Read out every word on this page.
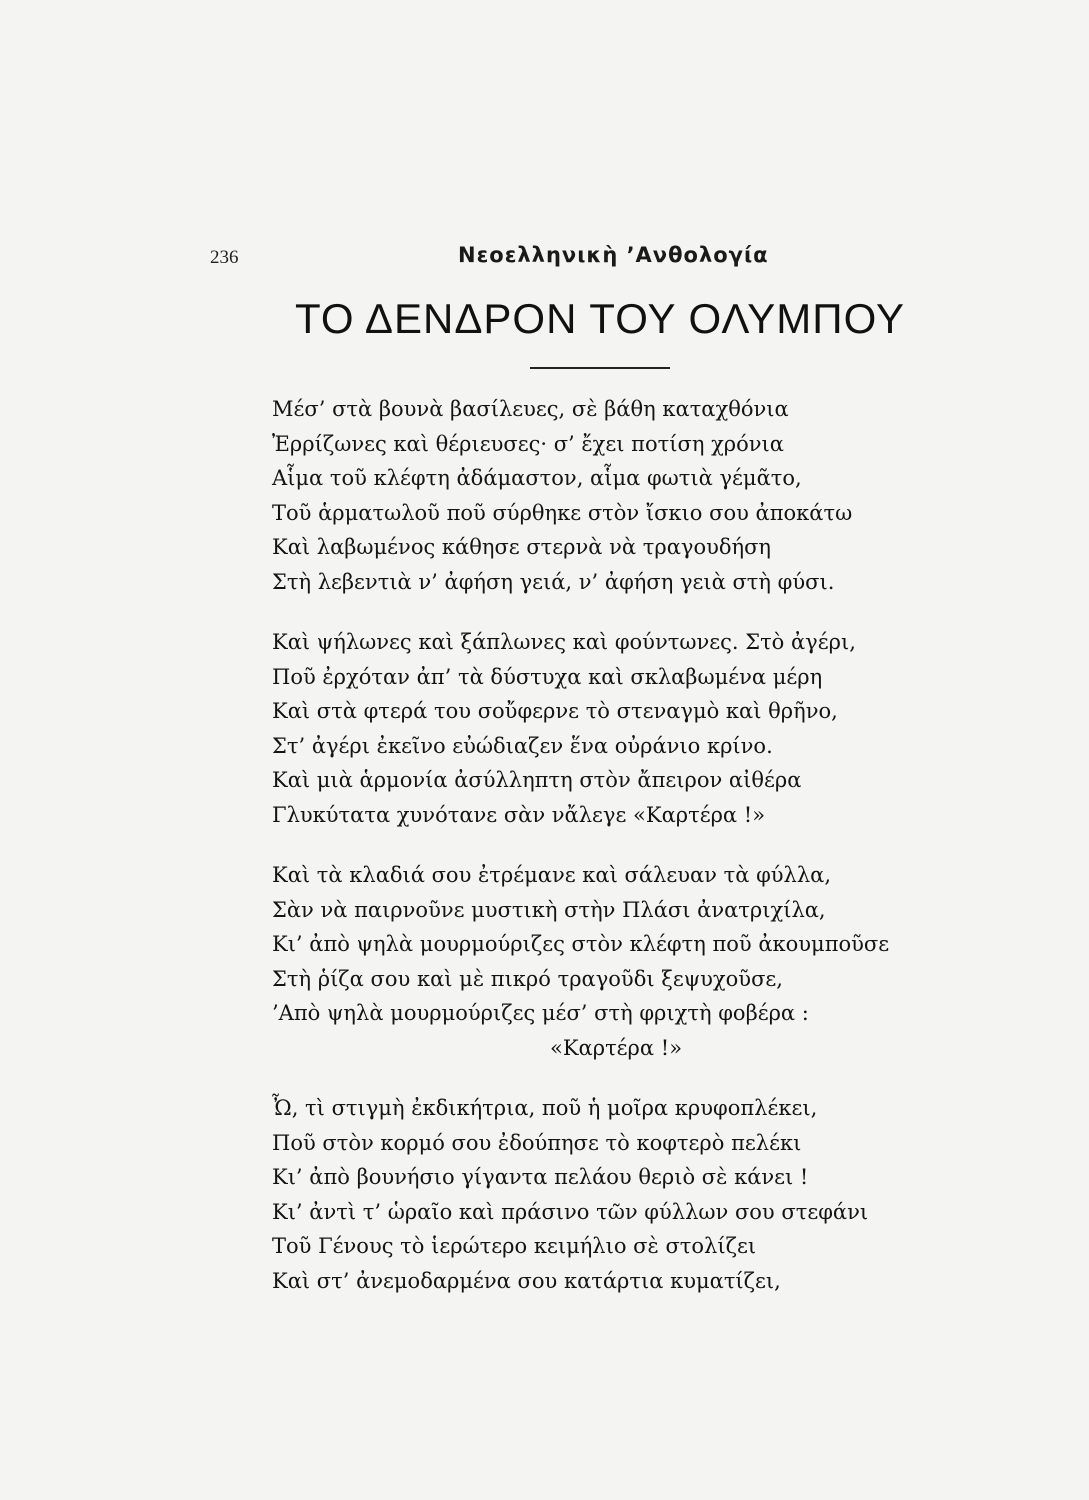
236	Νεοελληνικὴ ’Ανθολογία
ΤΟ ΔΕΝΔΡΟΝ ΤΟΥ ΟΛΥΜΠΟΥ
Μέσ’ στὰ βουνὰ βασίλευες, σὲ βάθη καταχθόνια
Ἐρρίζωνες καὶ θέριευσες· σ’ ἔχει ποτίση χρόνια
Αἷμα τοῦ κλέφτη ἀδάμαστον, αἷμα φωτιὰ γέμᾶτο,
Τοῦ ἁρματωλοῦ ποῦ σύρθηκε στὸν ἴσκιο σου ἀποκάτω
Καὶ λαβωμένος κάθησε στερνὰ νὰ τραγουδήση
Στὴ λεβεντιὰ ν’ ἀφήση γειά, ν’ ἀφήση γειὰ στὴ φύσι.
Καὶ ψήλωνες καὶ ξάπλωνες καὶ φούντωνες. Στὸ ἀγέρι,
Ποῦ ἐρχόταν ἀπ’ τὰ δύστυχα καὶ σκλαβωμένα μέρη
Καὶ στὰ φτερά του σοὔφερνε τὸ στεναγμὸ καὶ θρῆνο,
Στ’ ἀγέρι ἐκεῖνο εὐώδιαζεν ἕνα οὐράνιο κρίνο.
Καὶ μιὰ ἁρμονία ἀσύλληπτη στὸν ἄπειρον αἰθέρα
Γλυκύτατα χυνότανε σὰν νἄλεγε «Καρτέρα !»
Καὶ τὰ κλαδιά σου ἐτρέμανε καὶ σάλευαν τὰ φύλλα,
Σὰν νὰ παιρνοῦνε μυστικὴ στὴν Πλάσι ἀνατριχίλα,
Κι’ ἀπὸ ψηλὰ μουρμούριζες στὸν κλέφτη ποῦ ἀκουμποῦσε
Στὴ ῥίζα σου καὶ μὲ πικρό τραγοῦδι ξεψυχοῦσε,
’Απὸ ψηλὰ μουρμούριζες μέσ’ στὴ φριχτὴ φοβέρα :
«Καρτέρα !»
Ὦ, τὶ στιγμὴ ἐκδικήτρια, ποῦ ἡ μοῖρα κρυφοπλέκει,
Ποῦ στὸν κορμό σου ἐδούπησε τὸ κοφτερὸ πελέκι
Κι’ ἀπὸ βουνήσιο γίγαντα πελάου θεριὸ σὲ κάνει !
Κι’ ἀντὶ τ’ ὡραῖο καὶ πράσινο τῶν φύλλων σου στεφάνι
Τοῦ Γένους τὸ ἱερώτερο κειμήλιο σὲ στολίζει
Καὶ στ’ ἀνεμοδαρμένα σου κατάρτια κυματίζει,
